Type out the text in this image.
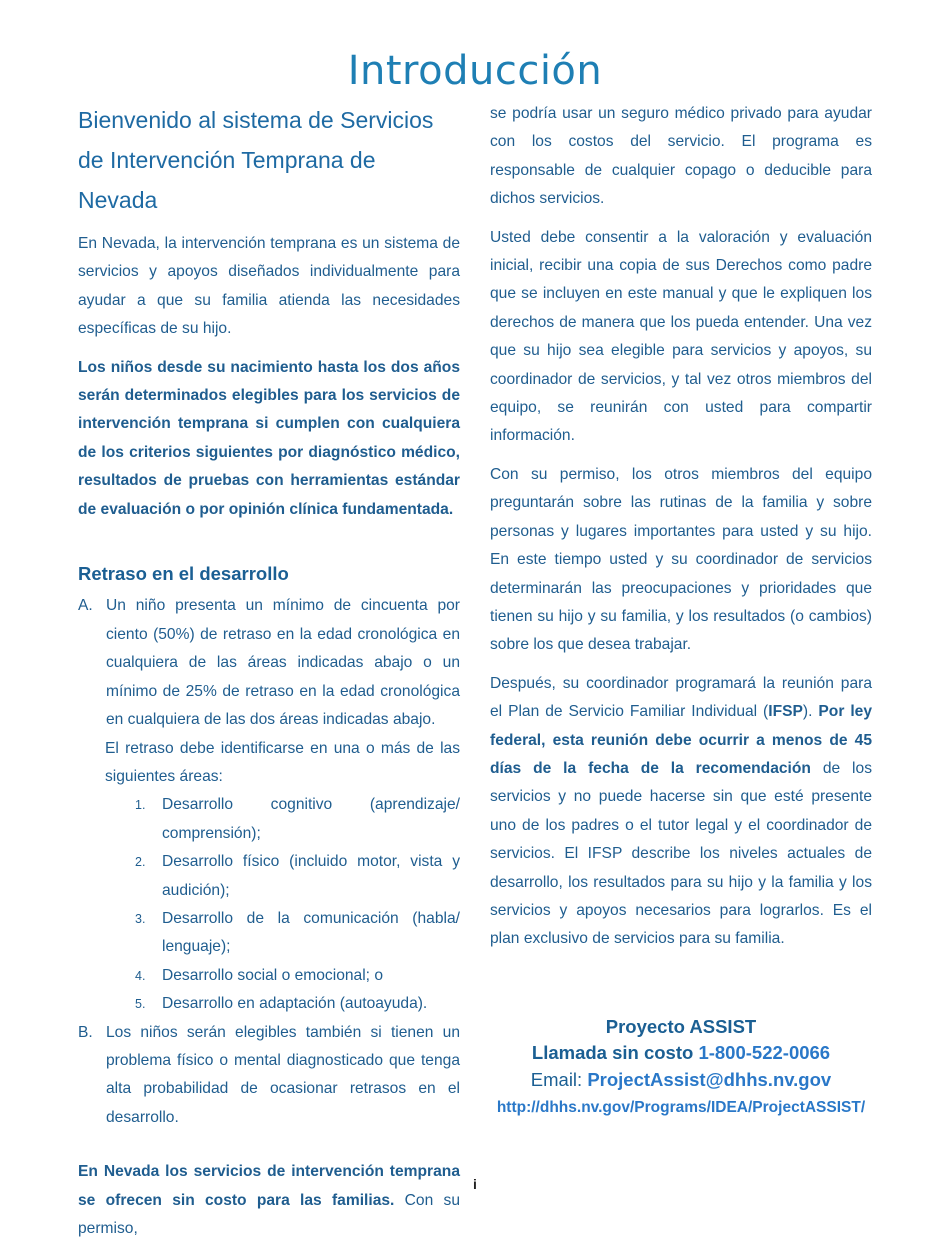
Introducción
Bienvenido al sistema de Servicios de Intervención Temprana de Nevada

En Nevada, la intervención temprana es un sistema de servicios y apoyos diseñados individualmente para ayudar a que su familia atienda las necesidades específicas de su hijo.

Los niños desde su nacimiento hasta los dos años serán determinados elegibles para los servicios de intervención temprana si cumplen con cualquiera de los criterios siguientes por diagnóstico médico, resultados de pruebas con herramientas estándar de evaluación o por opinión clínica fundamentada.

Retraso en el desarrollo
A. Un niño presenta un mínimo de cincuenta por ciento (50%) de retraso en la edad cronológica en cualquiera de las áreas indicadas abajo o un mínimo de 25% de retraso en la edad cronológica en cualquiera de las dos áreas indicadas abajo.
El retraso debe identificarse en una o más de las siguientes áreas:
1. Desarrollo cognitivo (aprendizaje/ comprensión);
2. Desarrollo físico (incluido motor, vista y audición);
3. Desarrollo de la comunicación (habla/ lenguaje);
4. Desarrollo social o emocional; o
5. Desarrollo en adaptación (autoayuda).
B. Los niños serán elegibles también si tienen un problema físico o mental diagnosticado que tenga alta probabilidad de ocasionar retrasos en el desarrollo.

En Nevada los servicios de intervención temprana se ofrecen sin costo para las familias. Con su permiso,

se podría usar un seguro médico privado para ayudar con los costos del servicio. El programa es responsable de cualquier copago o deducible para dichos servicios.

Usted debe consentir a la valoración y evaluación inicial, recibir una copia de sus Derechos como padre que se incluyen en este manual y que le expliquen los derechos de manera que los pueda entender. Una vez que su hijo sea elegible para servicios y apoyos, su coordinador de servicios, y tal vez otros miembros del equipo, se reunirán con usted para compartir información.

Con su permiso, los otros miembros del equipo preguntarán sobre las rutinas de la familia y sobre personas y lugares importantes para usted y su hijo. En este tiempo usted y su coordinador de servicios determinarán las preocupaciones y prioridades que tienen su hijo y su familia, y los resultados (o cambios) sobre los que desea trabajar.

Después, su coordinador programará la reunión para el Plan de Servicio Familiar Individual (IFSP). Por ley federal, esta reunión debe ocurrir a menos de 45 días de la fecha de la recomendación de los servicios y no puede hacerse sin que esté presente uno de los padres o el tutor legal y el coordinador de servicios. El IFSP describe los niveles actuales de desarrollo, los resultados para su hijo y la familia y los servicios y apoyos necesarios para lograrlos. Es el plan exclusivo de servicios para su familia.

Proyecto ASSIST
Llamada sin costo 1-800-522-0066
Email: ProjectAssist@dhhs.nv.gov
http://dhhs.nv.gov/Programs/IDEA/ProjectASSIST/
i
